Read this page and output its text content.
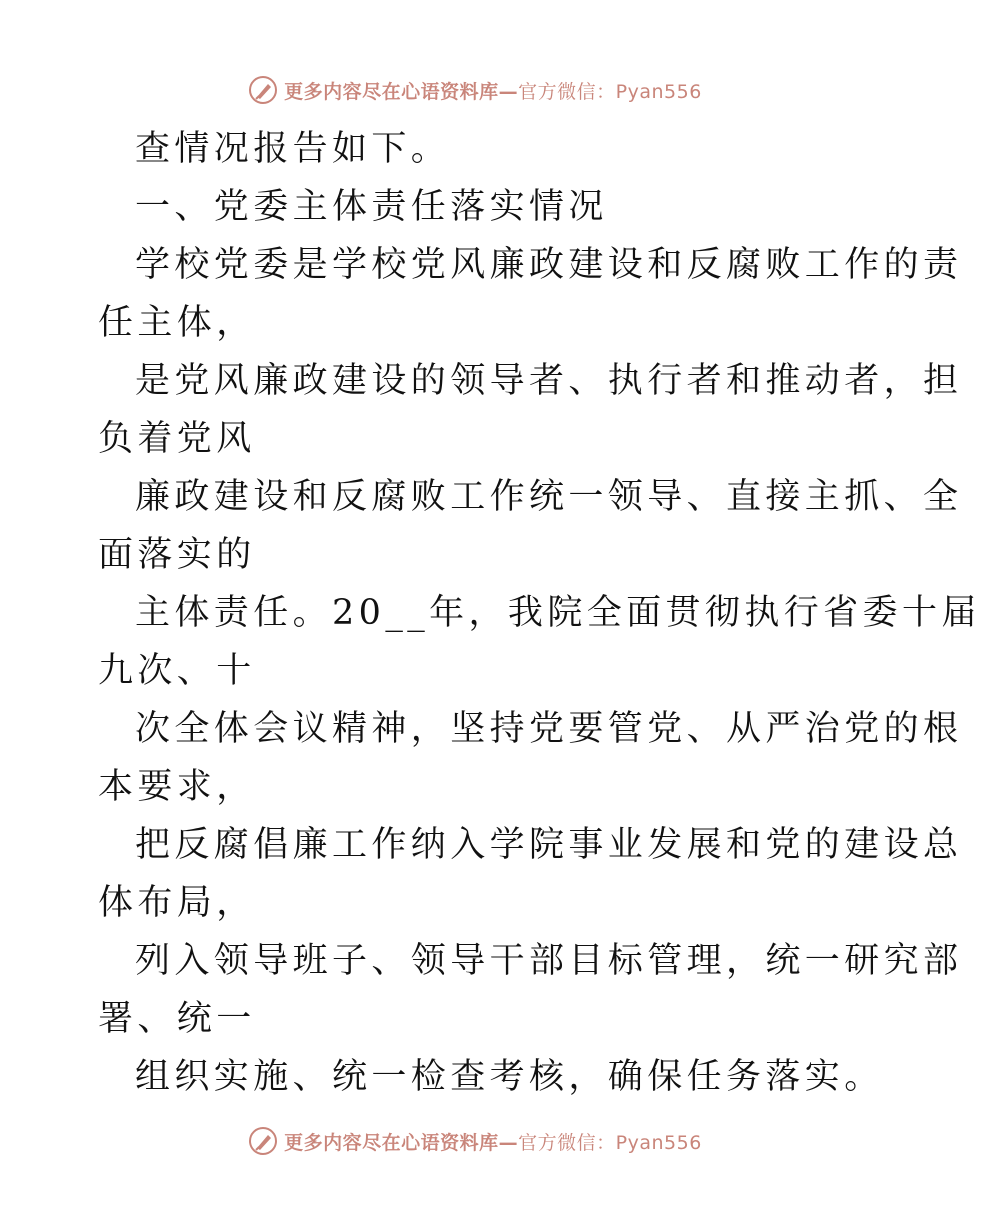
更多内容尽在心语资料库— 官方微信：Pyan556
查情况报告如下。
一、党委主体责任落实情况
学校党委是学校党风廉政建设和反腐败工作的责
任主体，
是党风廉政建设的领导者、执行者和推动者，担
负着党风
廉政建设和反腐败工作统一领导、直接主抓、全
面落实的
主体责任。20__年，我院全面贯彻执行省委十届
九次、十
次全体会议精神，坚持党要管党、从严治党的根
本要求，
把反腐倡廉工作纳入学院事业发展和党的建设总
体布局，
列入领导班子、领导干部目标管理，统一研究部
署、统一
组织实施、统一检查考核，确保任务落实。
更多内容尽在心语资料库— 官方微信：Pyan556
